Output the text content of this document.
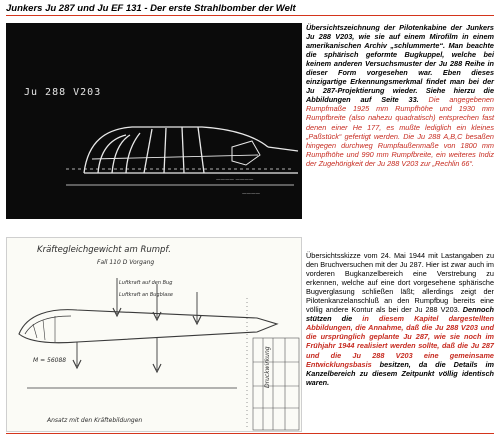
Junkers Ju 287 und Ju EF 131 - Der erste Strahlbomber der Welt
Ju 288 V203
———— ————
————
Kräftegleichgewicht am Rumpf.
Fall 110 D Vorgang
Luftkraft auf den Bug
Luftkraft an Bugblase
M = 56088
Ansatz mit den Kräftebildungen
Druckwirkung
Übersichtszeichnung der Pilotenkabine der Junkers Ju 288 V203, wie sie auf einem Mirofilm in einem amerikanischen Archiv „schlummerte“. Man beachte die sphärisch geformte Bugkuppel, welche bei keinem anderen Versuchsmuster der Ju 288 Reihe in dieser Form vorgesehen war. Eben dieses einzigartige Erkennungsmerkmal findet man bei der Ju 287-Projektierung wieder. Siehe hierzu die Abbildungen auf Seite 33. Die angegebenen Rumpfmaße 1925 mm Rumpfhöhe und 1930 mm Rumpfbreite (also nahezu quadratisch) entsprechen fast denen einer He 177, es mußte lediglich ein kleines „Paßstück“ gefertigt werden. Die Ju 288 A,B,C besaßen hingegen durchweg Rumpfaußenmaße von 1800 mm Rumpfhöhe und 990 mm Rumpfbreite, ein weiteres Indiz der Zugehörigkeit der Ju 288 V203 zur „Rechlin 66“.
Übersichtsskizze vom 24. Mai 1944 mit Lastangaben zu den Bruchversuchen mit der Ju 287. Hier ist zwar auch im vorderen Bugkanzelbereich eine Verstrebung zu erkennen, welche auf eine dort vorgesehene sphärische Bugverglasung schließen läßt; allerdings zeigt der Pilotenkanzelanschluß an den Rumpfbug bereits eine völlig andere Kontur als bei der Ju 288 V203. Dennoch stützen die in diesem Kapitel dargestellten Abbildungen, die Annahme, daß die Ju 288 V203 und die ursprünglich geplante Ju 287, wie sie noch im Frühjahr 1944 realisiert werden sollte, daß die Ju 287 und die Ju 288 V203 eine gemeinsame Entwicklungsbasis besitzen, da die Details im Kanzelbereich zu diesem Zeitpunkt völlig identisch waren.
